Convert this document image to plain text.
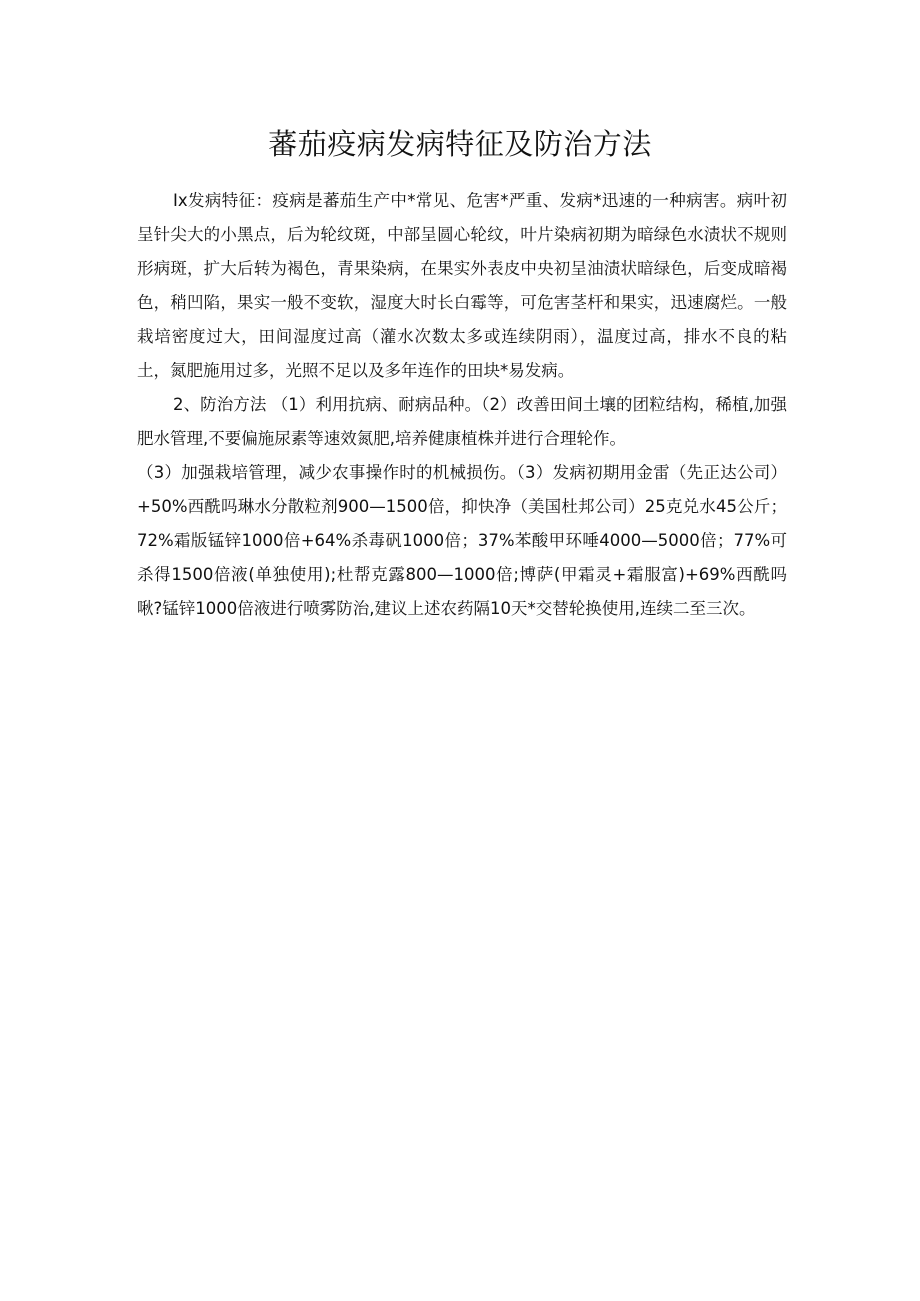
蕃茄疫病发病特征及防治方法

Ix发病特征：疫病是蕃茄生产中*常见、危害*严重、发病*迅速的一种病害。病叶初呈针尖大的小黑点，后为轮纹斑，中部呈圆心轮纹，叶片染病初期为暗绿色水渍状不规则形病斑，扩大后转为褐色，青果染病，在果实外表皮中央初呈油渍状暗绿色，后变成暗褐色，稍凹陷，果实一般不变软，湿度大时长白霉等，可危害茎杆和果实，迅速腐烂。一般栽培密度过大，田间湿度过高（灌水次数太多或连续阴雨），温度过高，排水不良的粘土，氮肥施用过多，光照不足以及多年连作的田块*易发病。

2、防治方法 （1）利用抗病、耐病品种。（2）改善田间土壤的团粒结构，稀植,加强肥水管理,不要偏施尿素等速效氮肥,培养健康植株并进行合理轮作。

（3）加强栽培管理，减少农事操作时的机械损伤。（3）发病初期用金雷（先正达公司）+50%西酰吗琳水分散粒剂900—1500倍，抑快净（美国杜邦公司）25克兑水45公斤；72%霜版锰锌1000倍+64%杀毒矾1000倍；37%苯酸甲环唾4000—5000倍；77%可杀得1500倍液(单独使用);杜帮克露800—1000倍;博萨(甲霜灵+霜服富)+69%西酰吗啾?锰锌1000倍液进行喷雾防治,建议上述农药隔10天*交替轮换使用,连续二至三次。
